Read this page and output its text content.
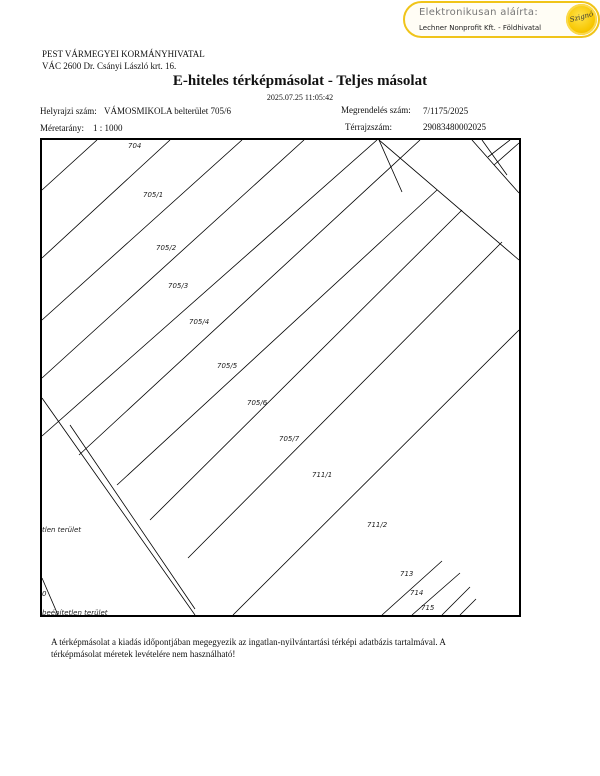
Elektronikusan aláírta:
Lechner Nonprofit Kft. - Földhivatal
Szignó
PEST VÁRMEGYEI KORMÁNYHIVATAL
VÁC 2600 Dr. Csányi László krt. 16.
E-hiteles térképmásolat - Teljes másolat
2025.07.25 11:05:42
Helyrajzi szám: VÁMOSMIKOLA belterület 705/6	Megrendelés szám: 7/1175/2025
Méretarány: 1 : 1000	Térrajzszám:	29083480002025
704
705/1
705/2
705/3
705/4
705/5
705/6
705/7
711/1
711/2
713
714
715
tlen terület
beépítetlen terület
0
A térképmásolat a kiadás időpontjában megegyezik az ingatlan-nyilvántartási térképi adatbázis tartalmával. A térképmásolat méretek levételére nem használható!
